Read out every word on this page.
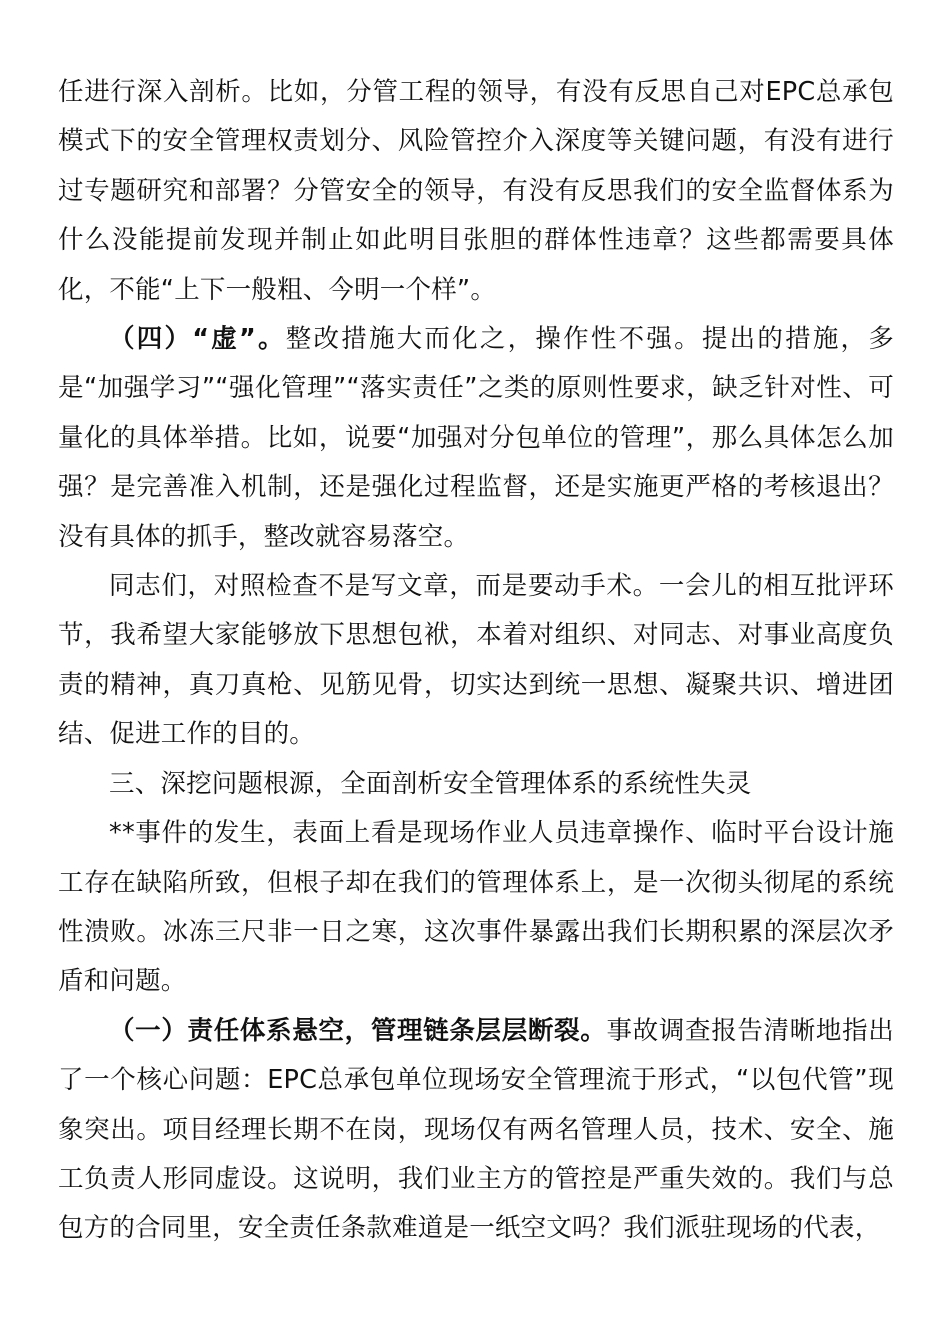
任进行深入剖析。比如，分管工程的领导，有没有反思自己对EPC总承包模式下的安全管理权责划分、风险管控介入深度等关键问题，有没有进行过专题研究和部署？分管安全的领导，有没有反思我们的安全监督体系为什么没能提前发现并制止如此明目张胆的群体性违章？这些都需要具体化，不能“上下一般粗、今明一个样”。

（四）“虚”。整改措施大而化之，操作性不强。提出的措施，多是“加强学习”“强化管理”“落实责任”之类的原则性要求，缺乏针对性、可量化的具体举措。比如，说要“加强对分包单位的管理”，那么具体怎么加强？是完善准入机制，还是强化过程监督，还是实施更严格的考核退出？没有具体的抓手，整改就容易落空。

同志们，对照检查不是写文章，而是要动手术。一会儿的相互批评环节，我希望大家能够放下思想包袱，本着对组织、对同志、对事业高度负责的精神，真刀真枪、见筋见骨，切实达到统一思想、凝聚共识、增进团结、促进工作的目的。

三、深挖问题根源，全面剖析安全管理体系的系统性失灵

**事件的发生，表面上看是现场作业人员违章操作、临时平台设计施工存在缺陷所致，但根子却在我们的管理体系上，是一次彻头彻尾的系统性溃败。冰冻三尺非一日之寒，这次事件暴露出我们长期积累的深层次矛盾和问题。

（一）责任体系悬空，管理链条层层断裂。事故调查报告清晰地指出了一个核心问题：EPC总承包单位现场安全管理流于形式，“以包代管”现象突出。项目经理长期不在岗，现场仅有两名管理人员，技术、安全、施工负责人形同虚设。这说明，我们业主方的管控是严重失效的。我们与总包方的合同里，安全责任条款难道是一纸空文吗？我们派驻现场的代表，
